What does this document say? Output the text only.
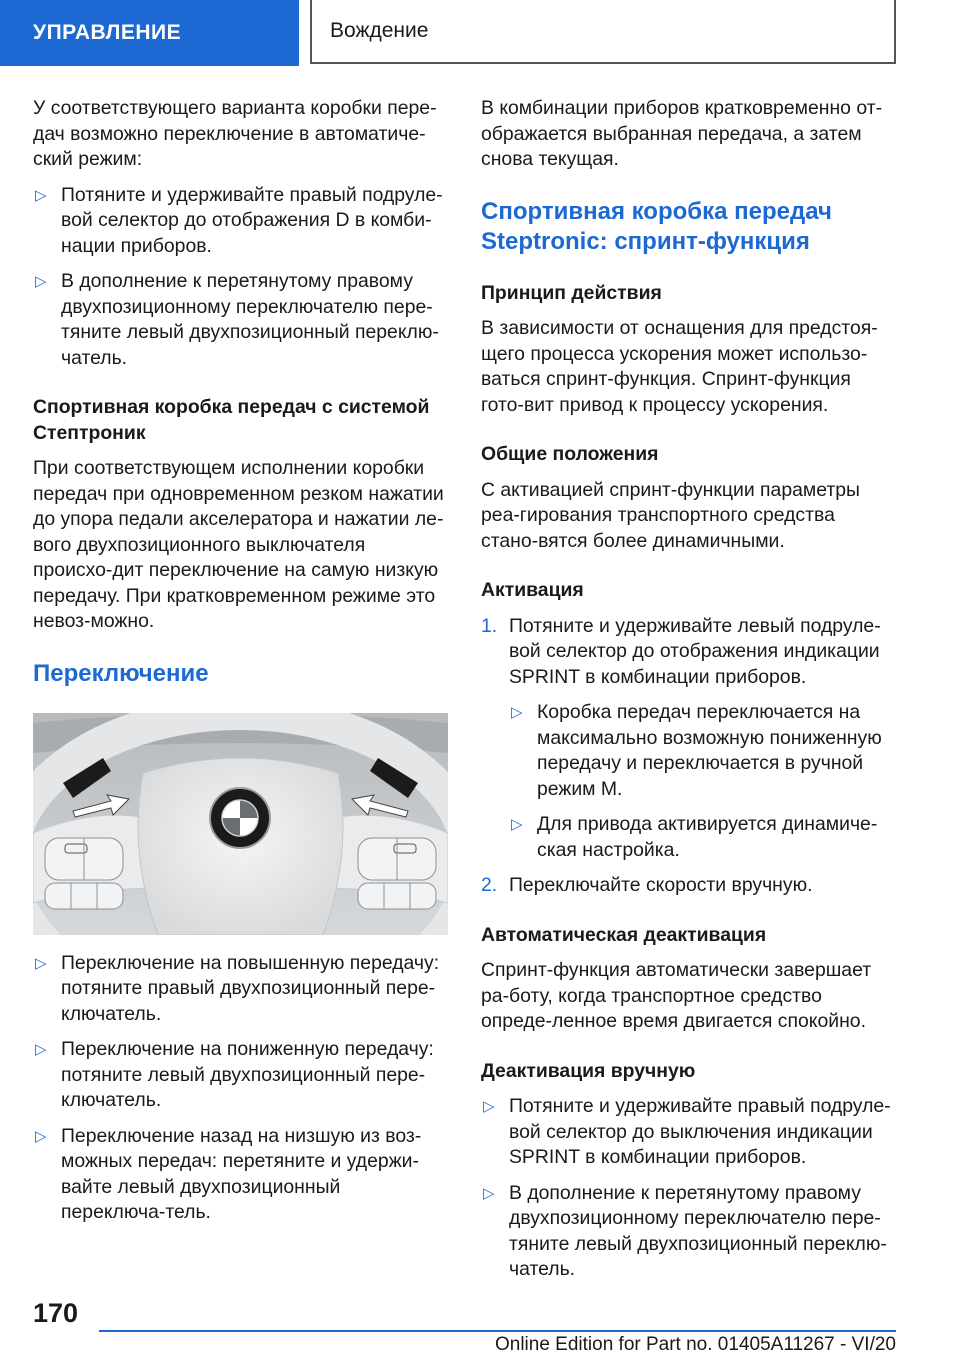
УПРАВЛЕНИЕ	Вождение

У соответствующего варианта коробки пере-дач возможно переключение в автоматиче-ский режим:

▷ Потяните и удерживайте правый подруле-вой селектор до отображения D в комби-нации приборов.

▷ В дополнение к перетянутому правому двухпозиционному переключателю пере-тяните левый двухпозиционный переклю-чатель.

Спортивная коробка передач с системой Стептроник

При соответствующем исполнении коробки передач при одновременном резком нажатии до упора педали акселератора и нажатии ле-вого двухпозиционного выключателя происхо-дит переключение на самую низкую передачу. При кратковременном режиме это невоз-можно.

Переключение

▷ Переключение на повышенную передачу: потяните правый двухпозиционный пере-ключатель.

▷ Переключение на пониженную передачу: потяните левый двухпозиционный пере-ключатель.

▷ Переключение назад на низшую из воз-можных передач: перетяните и удержи-вайте левый двухпозиционный переключа-тель.

В комбинации приборов кратковременно от-ображается выбранная передача, а затем снова текущая.

Спортивная коробка передач Steptronic: спринт-функция

Принцип действия

В зависимости от оснащения для предстоя-щего процесса ускорения может использо-ваться спринт-функция. Спринт-функция гото-вит привод к процессу ускорения.

Общие положения

С активацией спринт-функции параметры реа-гирования транспортного средства стано-вятся более динамичными.

Активация

1. Потяните и удерживайте левый подруле-вой селектор до отображения индикации SPRINT в комбинации приборов.

▷ Коробка передач переключается на максимально возможную пониженную передачу и переключается в ручной режим M.

▷ Для привода активируется динамиче-ская настройка.

2. Переключайте скорости вручную.

Автоматическая деактивация

Спринт-функция автоматически завершает ра-боту, когда транспортное средство опреде-ленное время двигается спокойно.

Деактивация вручную

▷ Потяните и удерживайте правый подруле-вой селектор до выключения индикации SPRINT в комбинации приборов.

▷ В дополнение к перетянутому правому двухпозиционному переключателю пере-тяните левый двухпозиционный переклю-чатель.

170
Online Edition for Part no. 01405A11267 - VI/20
